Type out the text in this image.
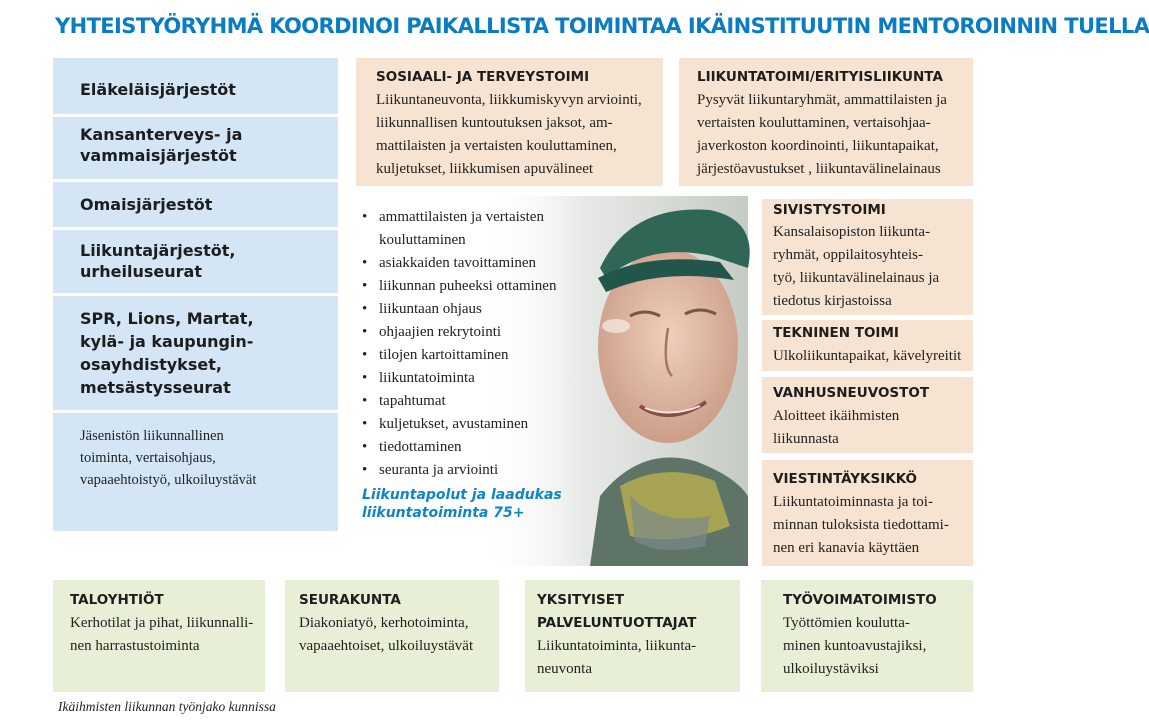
YHTEISTYÖRYHMÄ KOORDINOI PAIKALLISTA TOIMINTAA IKÄINSTITUUTIN MENTOROINNIN TUELLA
Eläkeläisjärjestöt
Kansanterveys- ja
vammaisjärjestöt
Omaisjärjestöt
Liikuntajärjestöt,
urheiluseurat
SPR, Lions, Martat,
kylä- ja kaupungin-
osayhdistykset,
metsästysseurat
Jäsenistön liikunnallinen
toiminta, vertaisohjaus,
vapaaehtoistyö, ulkoiluystävät
SOSIAALI- JA TERVEYSTOIMI
Liikuntaneuvonta, liikkumiskyvyn arviointi,
liikunnallisen kuntoutuksen jaksot, am-
mattilaisten ja vertaisten kouluttaminen,
kuljetukset, liikkumisen apuvälineet
LIIKUNTATOIMI/ERITYISLIIKUNTA
Pysyvät liikuntaryhmät, ammattilaisten ja
vertaisten kouluttaminen, vertaisohjaa-
javerkoston koordinointi, liikuntapaikat,
järjestöavustukset , liikuntavälinelainaus
• ammattilaisten ja vertaisten
kouluttaminen
• asiakkaiden tavoittaminen
• liikunnan puheeksi ottaminen
• liikuntaan ohjaus
• ohjaajien rekrytointi
• tilojen kartoittaminen
• liikuntatoiminta
• tapahtumat
• kuljetukset, avustaminen
• tiedottaminen
• seuranta ja arviointi
Liikuntapolut ja laadukas
liikuntatoiminta 75+
SIVISTYSTOIMI
Kansalaisopiston liikunta-
ryhmät, oppilaitosyhteis-
työ, liikuntavälinelainaus ja
tiedotus kirjastoissa
TEKNINEN TOIMI
Ulkoliikuntapaikat, kävelyreitit
VANHUSNEUVOSTOT
Aloitteet ikäihmisten
liikunnasta
VIESTINTÄYKSIKKÖ
Liikuntatoiminnasta ja toi-
minnan tuloksista tiedottami-
nen eri kanavia käyttäen
TALOYHTIÖT
Kerhotilat ja pihat, liikunnalli-
nen harrastustoiminta
SEURAKUNTA
Diakoniatyö, kerhotoiminta,
vapaaehtoiset, ulkoiluystävät
YKSITYISET
PALVELUNTUOTTAJAT
Liikuntatoiminta, liikunta-
neuvonta
TYÖVOIMATOIMISTO
Työttömien koulutta-
minen kuntoavustajiksi,
ulkoiluystäviksi
Ikäihmisten liikunnan työnjako kunnissa
